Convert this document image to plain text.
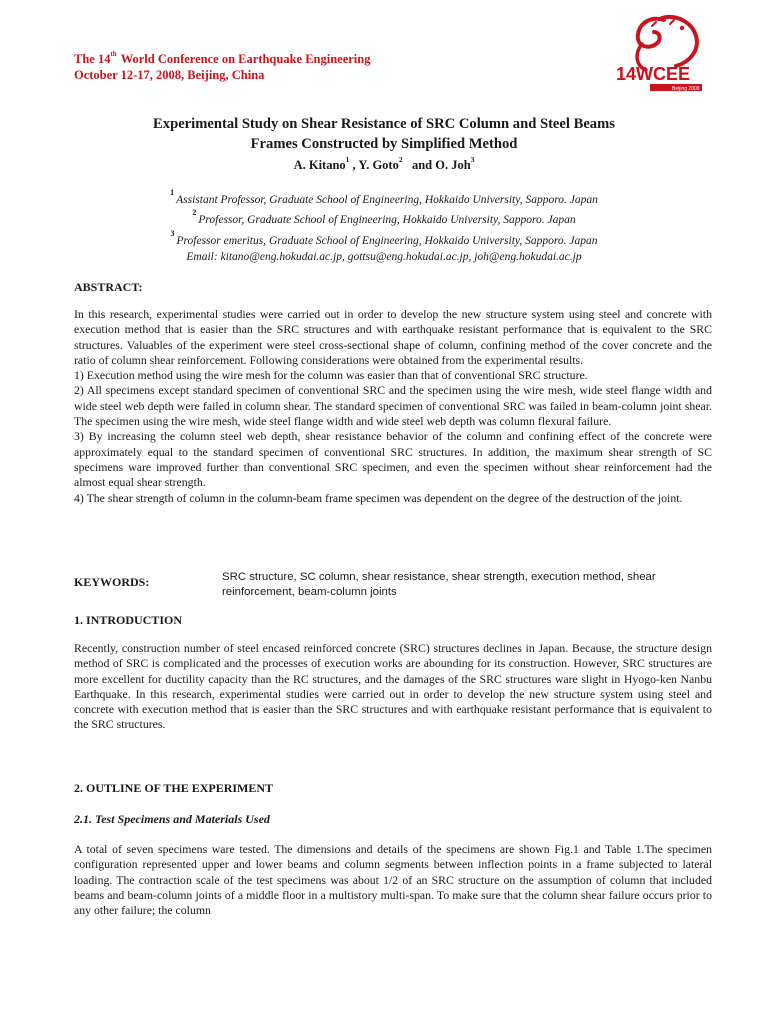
The 14th World Conference on Earthquake Engineering
October 12-17, 2008, Beijing, China	14WCEE
Beijing 2008
Experimental Study on Shear Resistance of SRC Column and Steel Beams
Frames Constructed by Simplified Method
A. Kitano$^1$ , Y. Goto$^2$   and O. Joh$^3$
$^1$Assistant Professor, Graduate School of Engineering, Hokkaido University, Sapporo. Japan
$^2$Professor, Graduate School of Engineering, Hokkaido University, Sapporo. Japan
$^3$Professor emeritus, Graduate School of Engineering, Hokkaido University, Sapporo. Japan
Email: kitano@eng.hokudai.ac.jp, gottsu@eng.hokudai.ac.jp, joh@eng.hokudai.ac.jp
ABSTRACT:

In this research, experimental studies were carried out in order to develop the new structure system using steel and concrete with execution method that is easier than the SRC structures and with earthquake resistant performance that is equivalent to the SRC structures. Valuables of the experiment were steel cross-sectional shape of column, confining method of the cover concrete and the ratio of column shear reinforcement. Following considerations were obtained from the experimental results.

1) Execution method using the wire mesh for the column was easier than that of conventional SRC structure.

2) All specimens except standard specimen of conventional SRC and the specimen using the wire mesh, wide steel flange width and wide steel web depth were failed in column shear. The standard specimen of conventional SRC was failed in beam-column joint shear. The specimen using the wire mesh, wide steel flange width and wide steel web depth was column flexural failure.

3) By increasing the column steel web depth, shear resistance behavior of the column and confining effect of the concrete were approximately equal to the standard specimen of conventional SRC structures. In addition, the maximum shear strength of SC specimens ware improved further than conventional SRC specimen, and even the specimen without shear reinforcement had the almost equal shear strength.

4) The shear strength of column in the column-beam frame specimen was dependent on the degree of the destruction of the joint.

KEYWORDS:	SRC structure, SC column, shear resistance, shear strength, execution method, shear reinforcement, beam-column joints
1. INTRODUCTION

Recently, construction number of steel encased reinforced concrete (SRC) structures declines in Japan. Because, the structure design method of SRC is complicated and the processes of execution works are abounding for its construction. However, SRC structures are more excellent for ductility capacity than the RC structures, and the damages of the SRC structures ware slight in Hyogo-ken Nanbu Earthquake. In this research, experimental studies were carried out in order to develop the new structure system using steel and concrete with execution method that is easier than the SRC structures and with earthquake resistant performance that is equivalent to the SRC structures.

2. OUTLINE OF THE EXPERIMENT
2.1. Test Specimens and Materials Used

A total of seven specimens ware tested. The dimensions and details of the specimens are shown Fig.1 and Table 1.The specimen configuration represented upper and lower beams and column segments between inflection points in a frame subjected to lateral loading. The contraction scale of the test specimens was about 1/2 of an SRC structure on the assumption of column that included beams and beam-column joints of a middle floor in a multistory multi-span. To make sure that the column shear failure occurs prior to any other failure; the column
